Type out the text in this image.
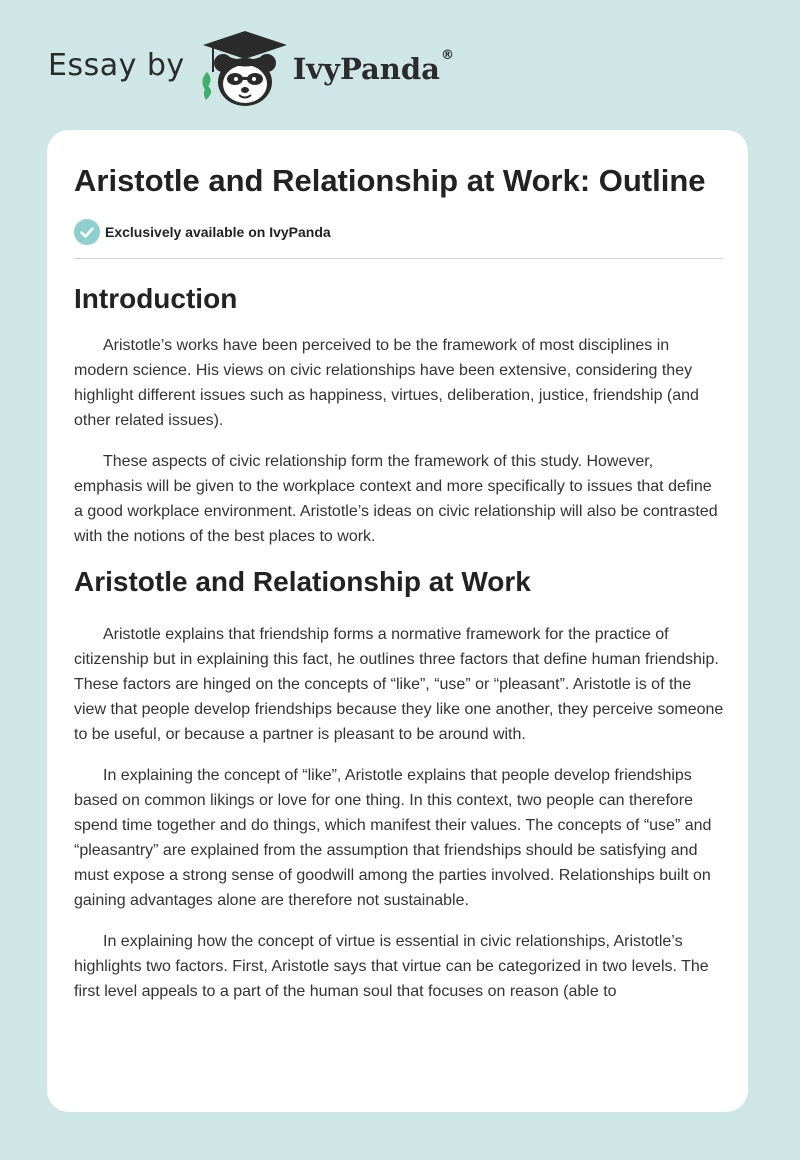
Essay by	IvyPanda®
Aristotle and Relationship at Work: Outline
Exclusively available on IvyPanda
Introduction

Aristotle’s works have been perceived to be the framework of most disciplines in modern science. His views on civic relationships have been extensive, considering they highlight different issues such as happiness, virtues, deliberation, justice, friendship (and other related issues).

These aspects of civic relationship form the framework of this study. However, emphasis will be given to the workplace context and more specifically to issues that define a good workplace environment. Aristotle’s ideas on civic relationship will also be contrasted with the notions of the best places to work.

Aristotle and Relationship at Work

Aristotle explains that friendship forms a normative framework for the practice of citizenship but in explaining this fact, he outlines three factors that define human friendship. These factors are hinged on the concepts of “like”, “use” or “pleasant”. Aristotle is of the view that people develop friendships because they like one another, they perceive someone to be useful, or because a partner is pleasant to be around with.

In explaining the concept of “like”, Aristotle explains that people develop friendships based on common likings or love for one thing. In this context, two people can therefore spend time together and do things, which manifest their values. The concepts of “use” and “pleasantry” are explained from the assumption that friendships should be satisfying and must expose a strong sense of goodwill among the parties involved. Relationships built on gaining advantages alone are therefore not sustainable.

In explaining how the concept of virtue is essential in civic relationships, Aristotle’s highlights two factors. First, Aristotle says that virtue can be categorized in two levels. The first level appeals to a part of the human soul that focuses on reason (able to
